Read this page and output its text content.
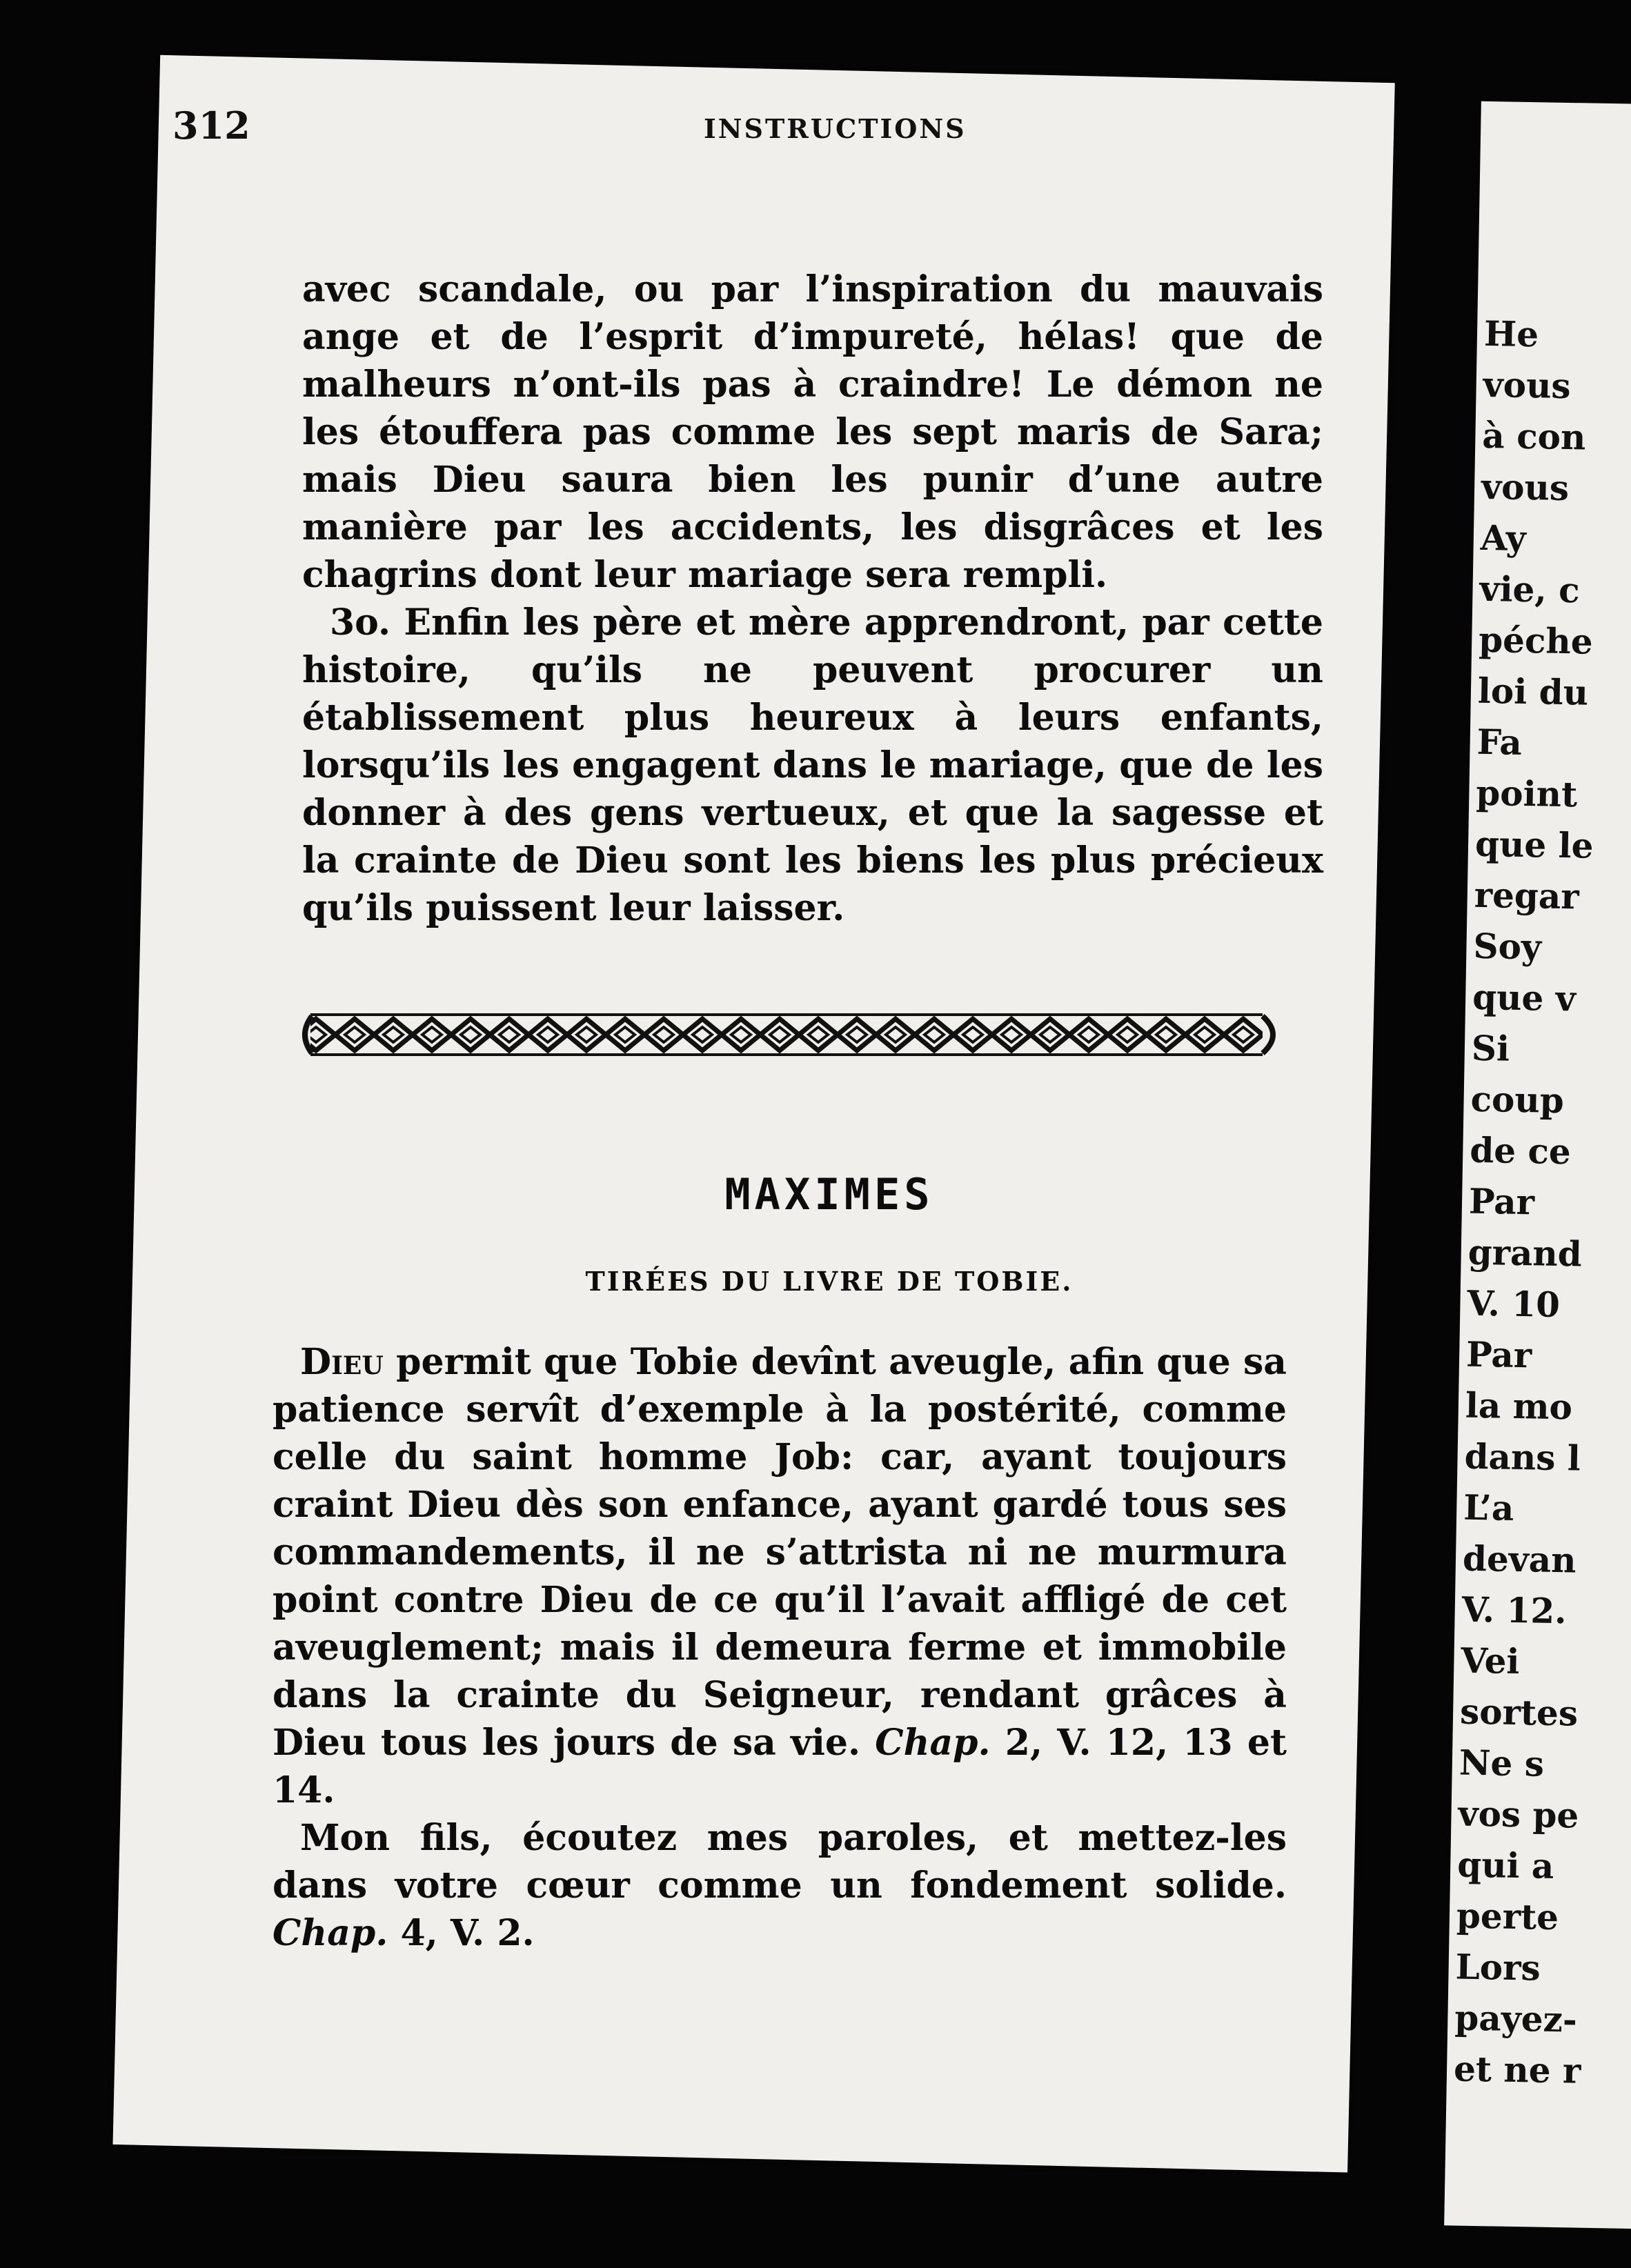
He
vous
à con
vous
Ay
vie, c
péche
loi du
Fa
point
que le
regar
Soy
que v
Si
coup
de ce
Par
grand
V. 10
Par
la mo
dans l
L’a
devan
V. 12.
Vei
sortes
Ne s
vos pe
qui a
perte
Lors
payez-
et ne r
312	INSTRUCTIONS

avec scandale, ou par l’inspiration du mauvais ange et de l’esprit d’impureté, hélas! que de malheurs n’ont-ils pas à craindre! Le démon ne les étouffera pas comme les sept maris de Sara; mais Dieu saura bien les punir d’une autre manière par les accidents, les disgrâces et les chagrins dont leur mariage sera rempli.

3o. Enfin les père et mère apprendront, par cette histoire, qu’ils ne peuvent procurer un établissement plus heureux à leurs enfants, lorsqu’ils les engagent dans le mariage, que de les donner à des gens vertueux, et que la sagesse et la crainte de Dieu sont les biens les plus précieux qu’ils puissent leur laisser.

MAXIMES
TIRÉES DU LIVRE DE TOBIE.

Dieu permit que Tobie devînt aveugle, afin que sa patience servît d’exemple à la postérité, comme celle du saint homme Job: car, ayant toujours craint Dieu dès son enfance, ayant gardé tous ses commandements, il ne s’attrista ni ne murmura point contre Dieu de ce qu’il l’avait affligé de cet aveuglement; mais il demeura ferme et immobile dans la crainte du Seigneur, rendant grâces à Dieu tous les jours de sa vie. Chap. 2, V. 12, 13 et 14.

Mon fils, écoutez mes paroles, et mettez-les dans votre cœur comme un fondement solide. Chap. 4, V. 2.
